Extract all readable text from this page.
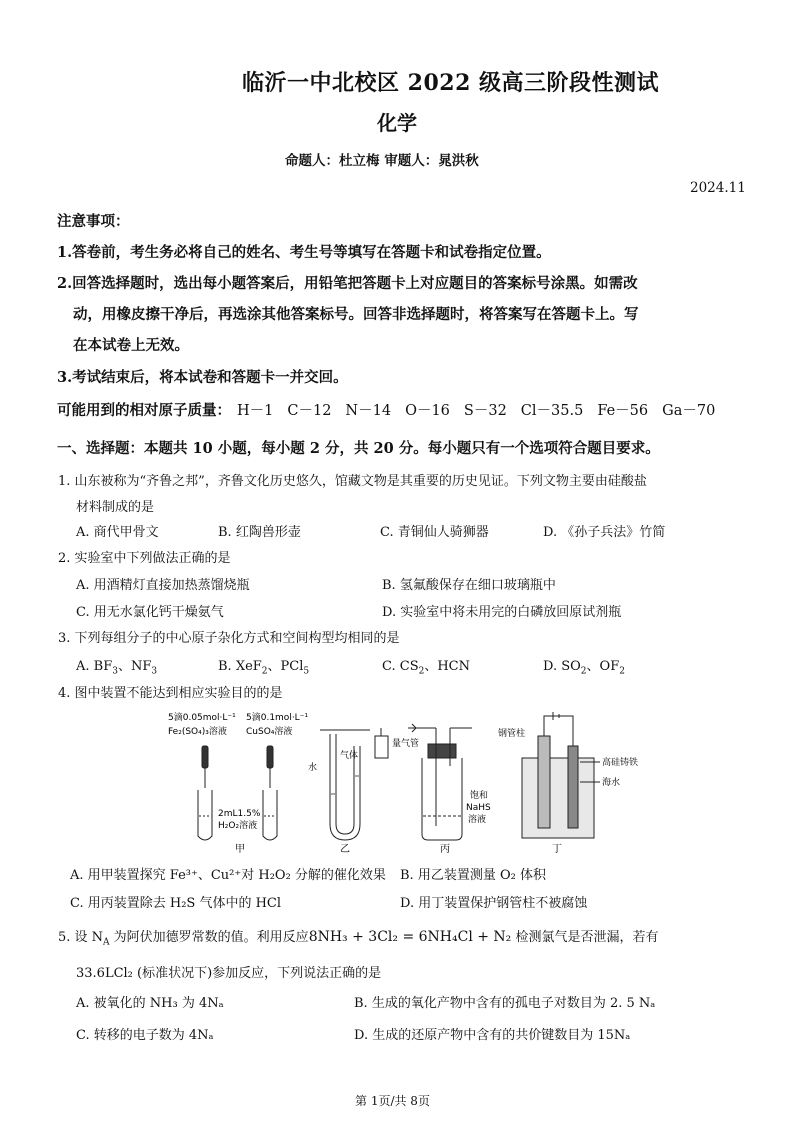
临沂一中北校区 2022 级高三阶段性测试
化学
命题人：杜立梅 审题人：晁洪秋
2024.11
注意事项：
1.答卷前，考生务必将自己的姓名、考生号等填写在答题卡和试卷指定位置。
2.回答选择题时，选出每小题答案后，用铅笔把答题卡上对应题目的答案标号涂黑。如需改
动，用橡皮擦干净后，再选涂其他答案标号。回答非选择题时，将答案写在答题卡上。写
在本试卷上无效。
3.考试结束后，将本试卷和答题卡一并交回。
可能用到的相对原子质量： H－1 C－12 N－14 O－16 S－32 Cl－35.5 Fe－56 Ga－70
一、选择题：本题共 10 小题，每小题 2 分，共 20 分。每小题只有一个选项符合题目要求。
1. 山东被称为“齐鲁之邦”，齐鲁文化历史悠久，馆藏文物是其重要的历史见证。下列文物主要由硅酸盐
材料制成的是
A. 商代甲骨文	B. 红陶兽形壶	C. 青铜仙人骑狮器	D. 《孙子兵法》竹简
2. 实验室中下列做法正确的是
A. 用酒精灯直接加热蒸馏烧瓶	B. 氢氟酸保存在细口玻璃瓶中
C. 用无水氯化钙干燥氨气	D. 实验室中将未用完的白磷放回原试剂瓶
3. 下列每组分子的中心原子杂化方式和空间构型均相同的是
A. $BF_3$、$NF_3$	B. XeF$_2$、PCl$_5$	C. $CS_2$、HCN	D. $SO_2$、$OF_2$
4. 图中装置不能达到相应实验目的的是
5滴0.05mol·L⁻¹
Fe₂(SO₄)₃溶液
5滴0.1mol·L⁻¹
CuSO₄溶液
2mL1.5%
H₂O₂溶液
甲
水
气体
量气管
乙
饱和
NaHS
溶液
丙
钢管柱
高硅铸铁
海水
丁
A. 用甲装置探究 Fe³⁺、Cu²⁺对 H₂O₂ 分解的催化效果 B. 用乙装置测量 O₂ 体积
C. 用丙装置除去 H₂S 气体中的 HCl	D. 用丁装置保护钢管柱不被腐蚀
5. 设 $N_A$ 为阿伏加德罗常数的值。利用反应8NH₃ + 3Cl₂ = 6NH₄Cl + N₂ 检测氯气是否泄漏，若有
33.6LCl₂ (标准状况下)参加反应，下列说法正确的是
A. 被氧化的 NH₃ 为 4Nₐ	B. 生成的氧化产物中含有的孤电子对数目为 2. 5 Nₐ
C. 转移的电子数为 4Nₐ	D. 生成的还原产物中含有的共价键数目为 15Nₐ
第 1页/共 8页
